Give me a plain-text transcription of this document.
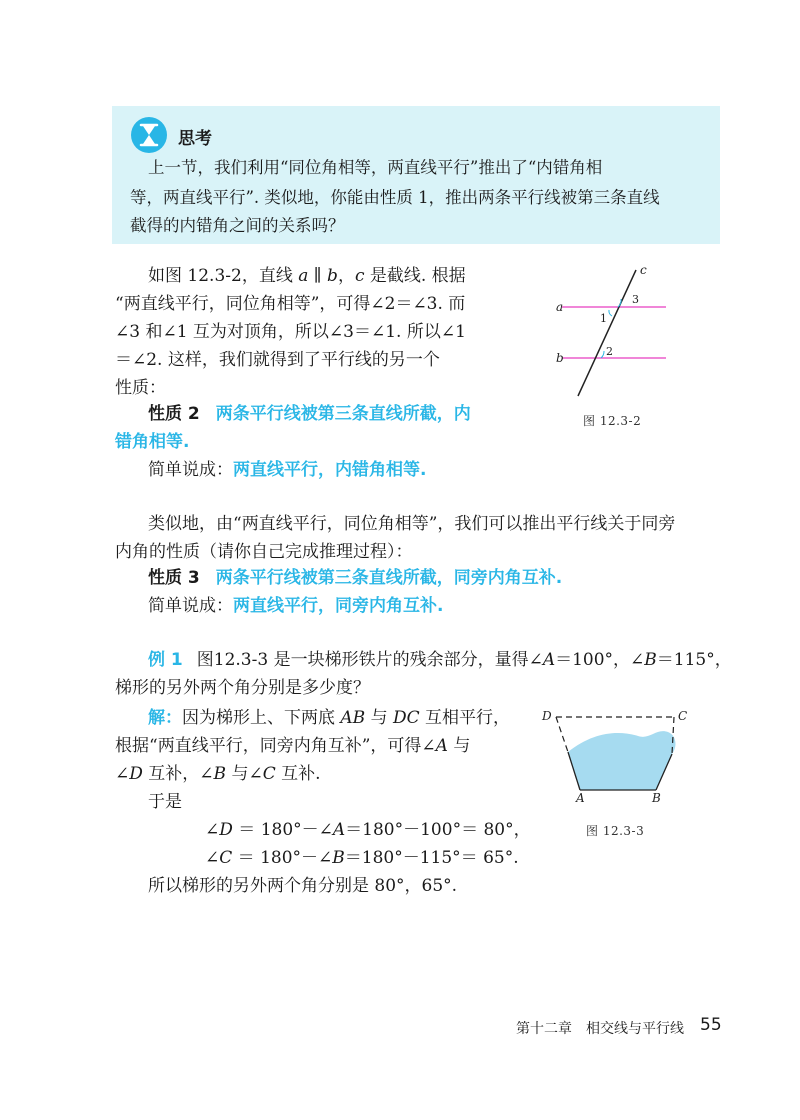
思考
上一节，我们利用“同位角相等，两直线平行”推出了“内错角相
等，两直线平行”. 类似地，你能由性质 1，推出两条平行线被第三条直线
截得的内错角之间的关系吗？
如图 12.3-2，直线 a ∥ b，c 是截线. 根据
“两直线平行，同位角相等”，可得∠2＝∠3. 而
∠3 和∠1 互为对顶角，所以∠3＝∠1. 所以∠1
＝∠2. 这样，我们就得到了平行线的另一个
性质：
性质 2 两条平行线被第三条直线所截，内
错角相等.
简单说成：两直线平行，内错角相等.
a
b
c
1
2
3
图 12.3-2
类似地，由“两直线平行，同位角相等”，我们可以推出平行线关于同旁
内角的性质（请你自己完成推理过程）：
性质 3 两条平行线被第三条直线所截，同旁内角互补.
简单说成：两直线平行，同旁内角互补.
例 1 图12.3-3 是一块梯形铁片的残余部分，量得∠A＝100°，∠B＝115°，
梯形的另外两个角分别是多少度？
解：因为梯形上、下两底 AB 与 DC 互相平行，
根据“两直线平行，同旁内角互补”，可得∠A 与
∠D 互补，∠B 与∠C 互补.
于是
∠D ＝ 180°－∠A＝180°－100°＝ 80°，
∠C ＝ 180°－∠B＝180°－115°＝ 65°.
所以梯形的另外两个角分别是 80°，65°.
D	C
A	B
图 12.3-3
第十二章　相交线与平行线 55
